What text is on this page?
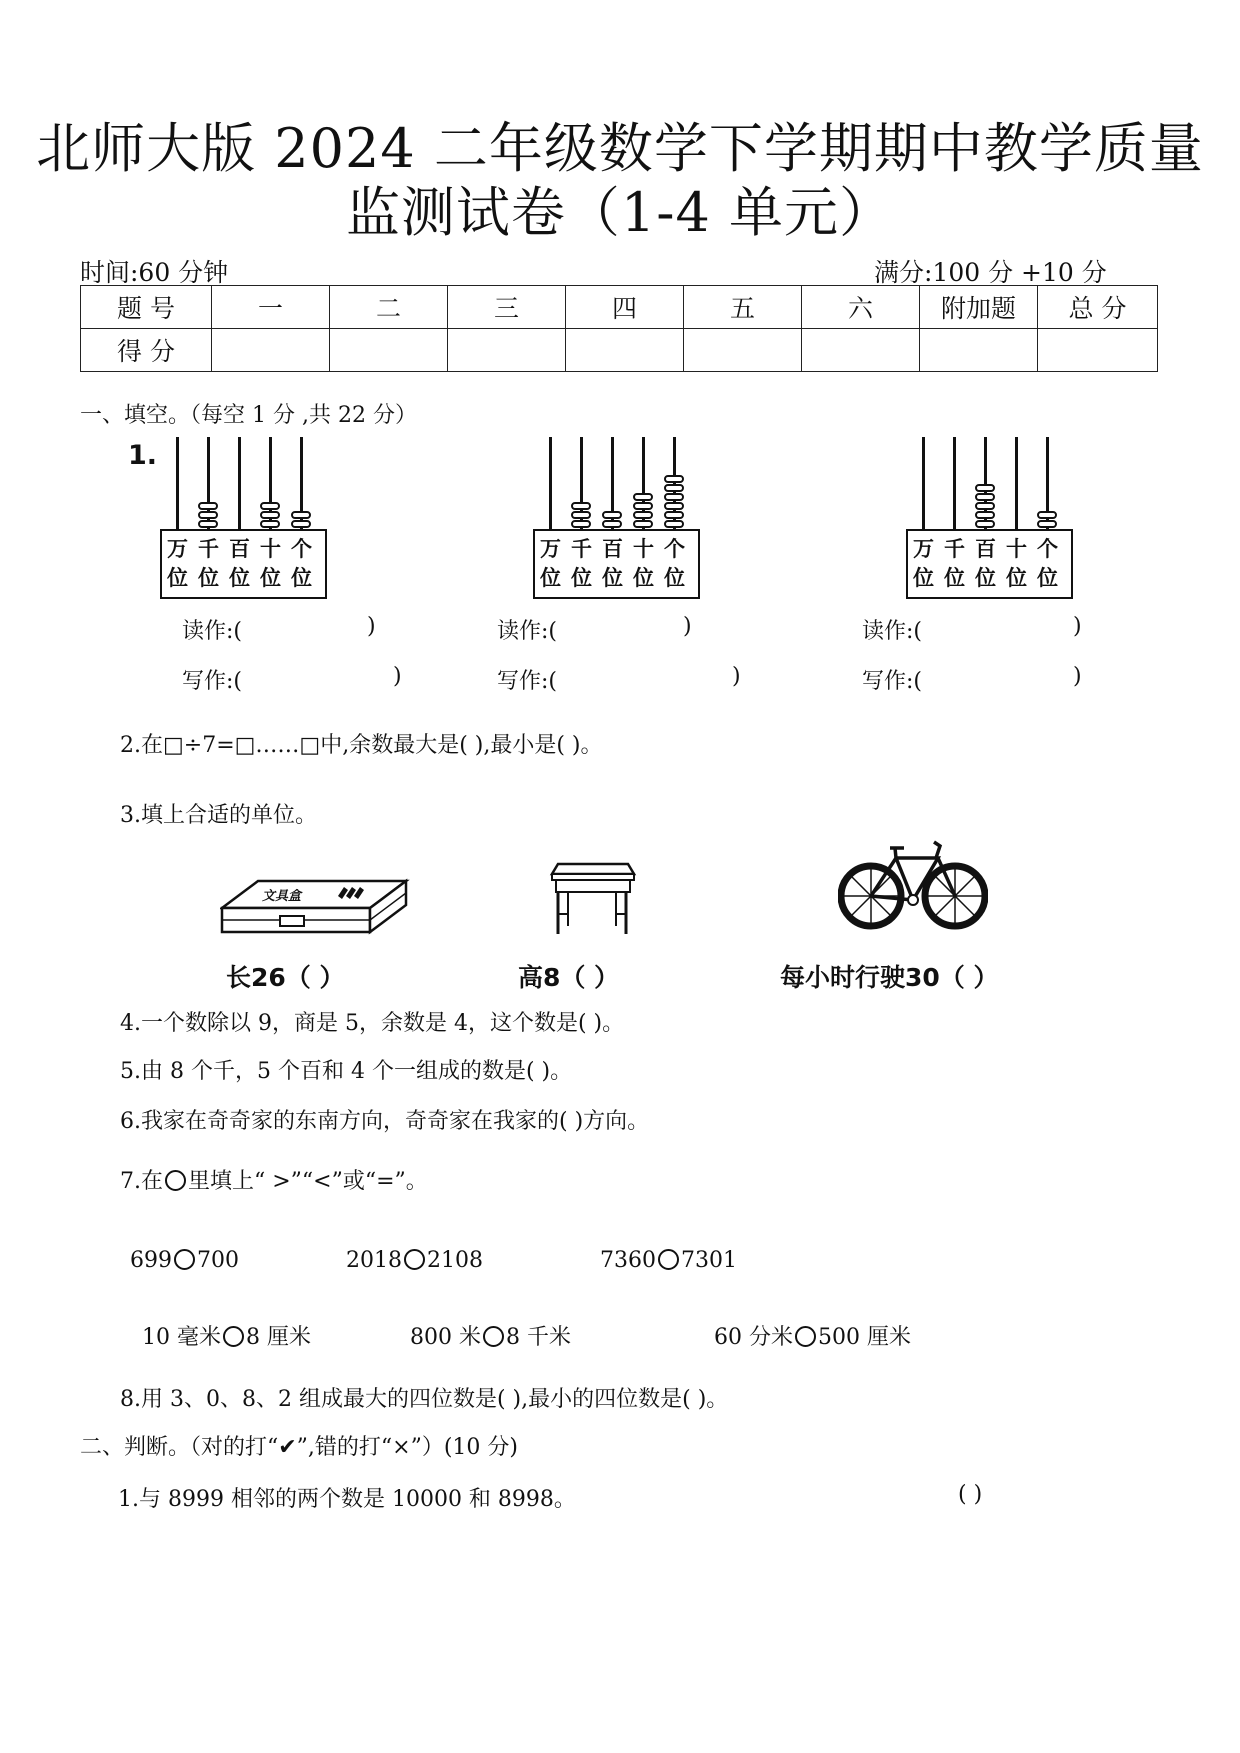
北师大版 2024 二年级数学下学期期中教学质量
监测试卷（1-4 单元）
时间:60 分钟	满分:100 分 +10 分
题 号	一	二	三	四	五	六	附加题	总 分
得 分								
一、填空。（每空 1 分 ,共 22 分）
1.
万
位
千
位
百
位
十
位
个
位
万
位
千
位
百
位
十
位
个
位
万
位
千
位
百
位
十
位
个
位
读作:(	)	读作:(	)	读作:(	)
写作:(	)	写作:(	)	写作:(	)
2.在□÷7=□……□中,余数最大是( ),最小是( )。
3.填上合适的单位。
文具盒
长26（ ）	高8（ ）	每小时行驶30（ ）
4.一个数除以 9，商是 5，余数是 4，这个数是( )。
5.由 8 个千，5 个百和 4 个一组成的数是( )。
6.我家在奇奇家的东南方向，奇奇家在我家的( )方向。
7.在 里填上“ >”“<”或“=”。
699 700	2018 2108	7360 7301
10 毫米 8 厘米	800 米 8 千米	60 分米 500 厘米
8.用 3、0、8、2 组成最大的四位数是( ),最小的四位数是( )。
二、判断。（对的打“✔”,错的打“×”）(10 分)
1.与 8999 相邻的两个数是 10000 和 8998。	( )
